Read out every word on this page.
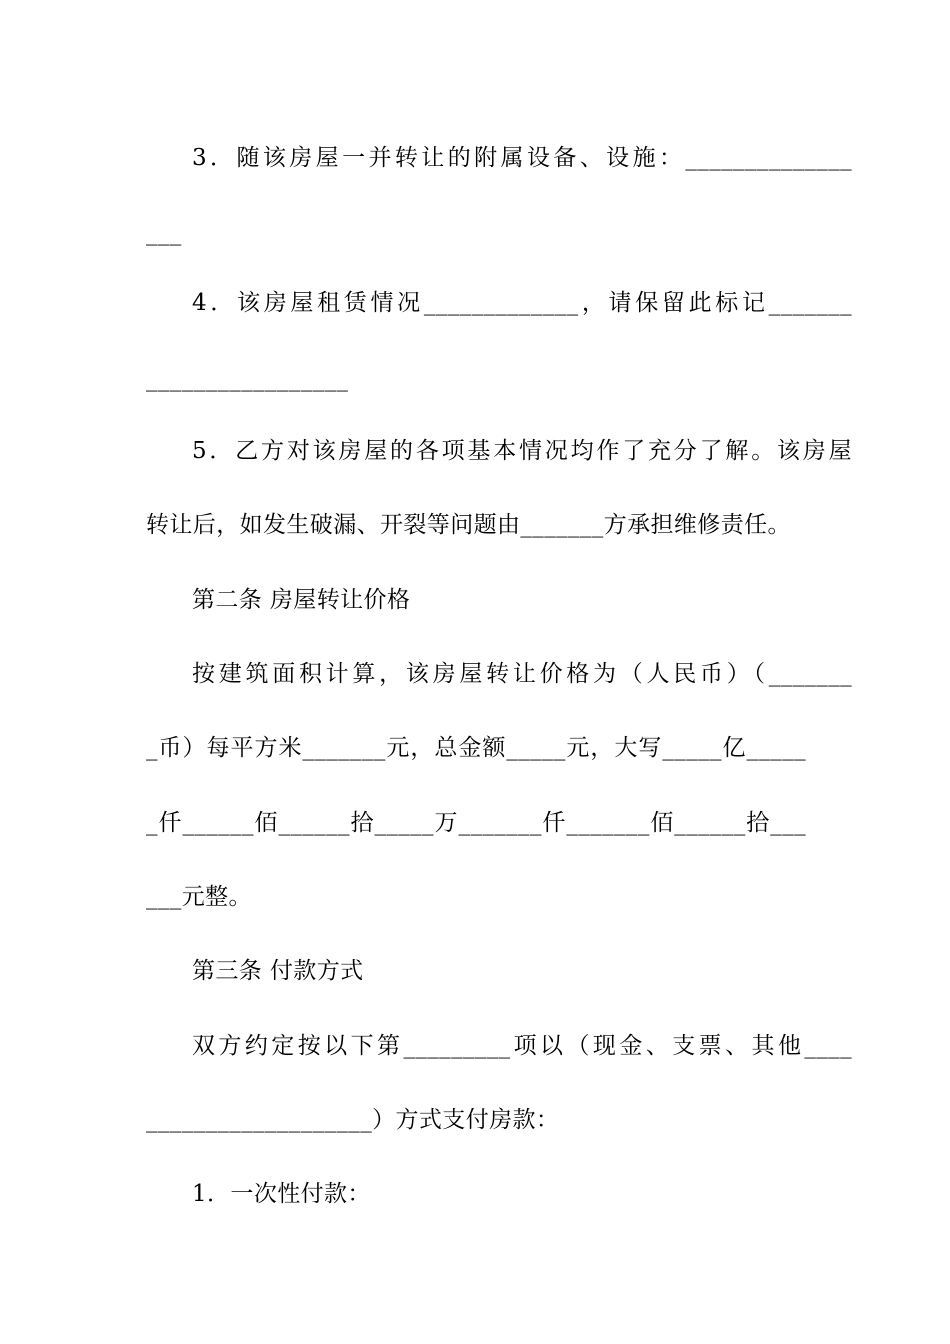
3．随该房屋一并转让的附属设备、设施：______________
___
4．该房屋租赁情况_____________，请保留此标记_______
_________________
5．乙方对该房屋的各项基本情况均作了充分了解。该房屋
转让后，如发生破漏、开裂等问题由_______方承担维修责任。
第二条 房屋转让价格
按建筑面积计算，该房屋转让价格为（人民币）（_______
_币）每平方米_______元，总金额_____元，大写_____亿_____
_仟______佰______拾_____万_______仟_______佰______拾___
___元整。
第三条 付款方式
双方约定按以下第_________项以（现金、支票、其他____
___________________）方式支付房款：
1．一次性付款：
